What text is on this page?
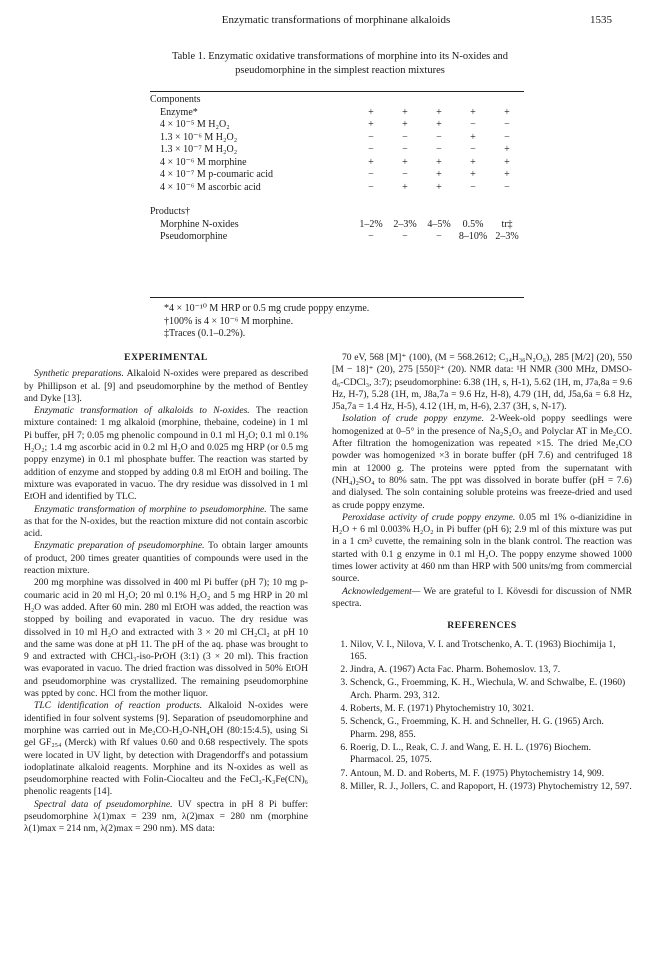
Enzymatic transformations of morphinane alkaloids	1535
Table 1. Enzymatic oxidative transformations of morphine into its N-oxides and pseudomorphine in the simplest reaction mixtures
Components					
Enzyme*	+	+	+	+	+
4 × 10⁻⁵ M H₂O₂	+	+	+	−	−
1.3 × 10⁻⁶ M H₂O₂	−	−	−	+	−
1.3 × 10⁻⁷ M H₂O₂	−	−	−	−	+
4 × 10⁻⁶ M morphine	+	+	+	+	+
4 × 10⁻⁷ M p-coumaric acid	−	−	+	+	+
4 × 10⁻⁶ M ascorbic acid	−	+	+	−	−

Products†					
Morphine N-oxides	1–2%	2–3%	4–5%	0.5%	tr‡
Pseudomorphine	−	−	−	8–10%	2–3%
*4 × 10⁻¹⁰ M HRP or 0.5 mg crude poppy enzyme.
†100% is 4 × 10⁻⁶ M morphine.
‡Traces (0.1–0.2%).
EXPERIMENTAL

Synthetic preparations. Alkaloid N-oxides were prepared as described by Phillipson et al. [9] and pseudomorphine by the method of Bentley and Dyke [13].

Enzymatic transformation of alkaloids to N-oxides. The reaction mixture contained: 1 mg alkaloid (morphine, thebaine, codeine) in 1 ml Pi buffer, pH 7; 0.05 mg phenolic compound in 0.1 ml H₂O; 0.1 ml 0.1% H₂O₂; 1.4 mg ascorbic acid in 0.2 ml H₂O and 0.025 mg HRP (or 0.5 mg poppy enzyme) in 0.1 ml phosphate buffer. The reaction was started by addition of enzyme and stopped by adding 0.8 ml EtOH and boiling. The mixture was evaporated in vacuo. The dry residue was dissolved in 1 ml EtOH and identified by TLC.

Enzymatic transformation of morphine to pseudomorphine. The same as that for the N-oxides, but the reaction mixture did not contain ascorbic acid.

Enzymatic preparation of pseudomorphine. To obtain larger amounts of product, 200 times greater quantities of compounds were used in the reaction mixture.

200 mg morphine was dissolved in 400 ml Pi buffer (pH 7); 10 mg p-coumaric acid in 20 ml H₂O; 20 ml 0.1% H₂O₂ and 5 mg HRP in 20 ml H₂O was added. After 60 min. 280 ml EtOH was added, the reaction was stopped by boiling and evaporated in vacuo. The dry residue was dissolved in 10 ml H₂O and extracted with 3 × 20 ml CH₂Cl₂ at pH 10 and the same was done at pH 11. The pH of the aq. phase was brought to 9 and extracted with CHCl₃-iso-PrOH (3:1) (3 × 20 ml). This fraction was evaporated in vacuo. The dried fraction was dissolved in 50% EtOH and pseudomorphine was crystallized. The remaining pseudomorphine was ppted by conc. HCl from the mother liquor.

TLC identification of reaction products. Alkaloid N-oxides were identified in four solvent systems [9]. Separation of pseudomorphine and morphine was carried out in Me₂CO-H₂O-NH₄OH (80:15:4.5), using Si gel GF₂₅₄ (Merck) with Rf values 0.60 and 0.68 respectively. The spots were located in UV light, by detection with Dragendorff's and potassium iodoplatinate alkaloid reagents. Morphine and its N-oxides as well as pseudomorphine reacted with Folin-Ciocalteu and the FeCl₃-K₃Fe(CN)₆ phenolic reagents [14].

Spectral data of pseudomorphine. UV spectra in pH 8 Pi buffer: pseudomorphine λ(1)max = 239 nm, λ(2)max = 280 nm (morphine λ(1)max = 214 nm, λ(2)max = 290 nm). MS data:

70 eV, 568 [M]⁺ (100), (M = 568.2612; C₃₄H₃₆N₂O₆), 285 [M/2] (20), 550 [M − 18]⁺ (20), 275 [550]²⁺ (20). NMR data: ¹H NMR (300 MHz, DMSO-d₆-CDCl₃, 3:7); pseudomorphine: 6.38 (1H, s, H-1), 5.62 (1H, m, J7a,8a = 9.6 Hz, H-7), 5.28 (1H, m, J8a,7a = 9.6 Hz, H-8), 4.79 (1H, dd, J5a,6a = 6.8 Hz, J5a,7a = 1.4 Hz, H-5), 4.12 (1H, m, H-6), 2.37 (3H, s, N-17).

Isolation of crude poppy enzyme. 2-Week-old poppy seedlings were homogenized at 0–5° in the presence of Na₂S₂O₅ and Polyclar AT in Me₂CO. After filtration the homogenization was repeated ×15. The dried Me₂CO powder was homogenized ×3 in borate buffer (pH 7.6) and centrifuged 18 min at 12000 g. The proteins were ppted from the supernatant with (NH₄)₂SO₄ to 80% satn. The ppt was dissolved in borate buffer (pH = 7.6) and dialysed. The soln containing soluble proteins was freeze-dried and used as crude poppy enzyme.

Peroxidase activity of crude poppy enzyme. 0.05 ml 1% o-dianizidine in H₂O + 6 ml 0.003% H₂O₂ in Pi buffer (pH 6); 2.9 ml of this mixture was put in a 1 cm³ cuvette, the remaining soln in the blank control. The reaction was started with 0.1 g enzyme in 0.1 ml H₂O. The poppy enzyme showed 1000 times lower activity at 460 nm than HRP with 500 units/mg from commercial source.

Acknowledgement— We are grateful to I. Kövesdi for discussion of NMR spectra.

REFERENCES
1. Nilov, V. I., Nilova, V. I. and Trotschenko, A. T. (1963) Biochimija 1, 165.
2. Jindra, A. (1967) Acta Fac. Pharm. Bohemoslov. 13, 7.
3. Schenck, G., Froemming, K. H., Wiechula, W. and Schwalbe, E. (1960) Arch. Pharm. 293, 312.
4. Roberts, M. F. (1971) Phytochemistry 10, 3021.
5. Schenck, G., Froemming, K. H. and Schneller, H. G. (1965) Arch. Pharm. 298, 855.
6. Roerig, D. L., Reak, C. J. and Wang, E. H. L. (1976) Biochem. Pharmacol. 25, 1075.
7. Antoun, M. D. and Roberts, M. F. (1975) Phytochemistry 14, 909.
8. Miller, R. J., Jollers, C. and Rapoport, H. (1973) Phytochemistry 12, 597.
